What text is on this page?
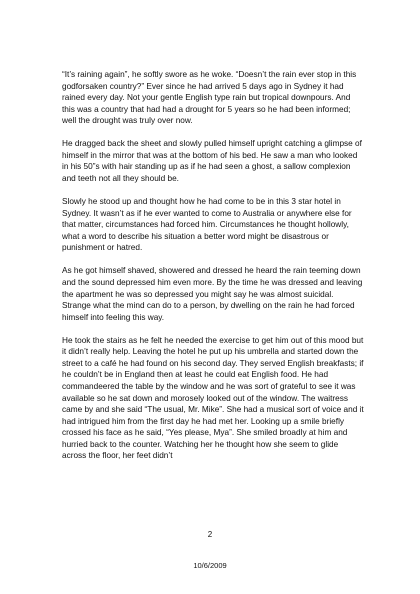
“It’s raining again”, he softly swore as he woke. “Doesn’t the rain ever stop in this godforsaken country?” Ever since he had arrived 5 days ago in Sydney it had rained every day. Not your gentle English type rain but tropical downpours. And this was a country that had had a drought for 5 years so he had been informed; well the drought was truly over now.

He dragged back the sheet and slowly pulled himself upright catching a glimpse of himself in the mirror that was at the bottom of his bed. He saw a man who looked in his 50”s with hair standing up as if he had seen a ghost, a sallow complexion and teeth not all they should be.

Slowly he stood up and thought how he had come to be in this 3 star hotel in Sydney. It wasn’t as if he ever wanted to come to Australia or anywhere else for that matter, circumstances had forced him. Circumstances he thought hollowly, what a word to describe his situation a better word might be disastrous or punishment or hatred.

As he got himself shaved, showered and dressed he heard the rain teeming down and the sound depressed him even more. By the time he was dressed and leaving the apartment he was so depressed you might say he was almost suicidal. Strange what the mind can do to a person, by dwelling on the rain he had forced himself into feeling this way.

He took the stairs as he felt he needed the exercise to get him out of this mood but it didn’t really help. Leaving the hotel he put up his umbrella and started down the street to a café he had found on his second day. They served English breakfasts; if he couldn’t be in England then at least he could eat English food. He had commandeered the table by the window and he was sort of grateful to see it was available so he sat down and morosely looked out of the window. The waitress came by and she said “The usual, Mr. Mike”. She had a musical sort of voice and it had intrigued him from the first day he had met her. Looking up a smile briefly crossed his face as he said, “Yes please, Mya”. She smiled broadly at him and hurried back to the counter. Watching her he thought how she seem to glide across the floor, her feet didn’t

2
10/6/2009
